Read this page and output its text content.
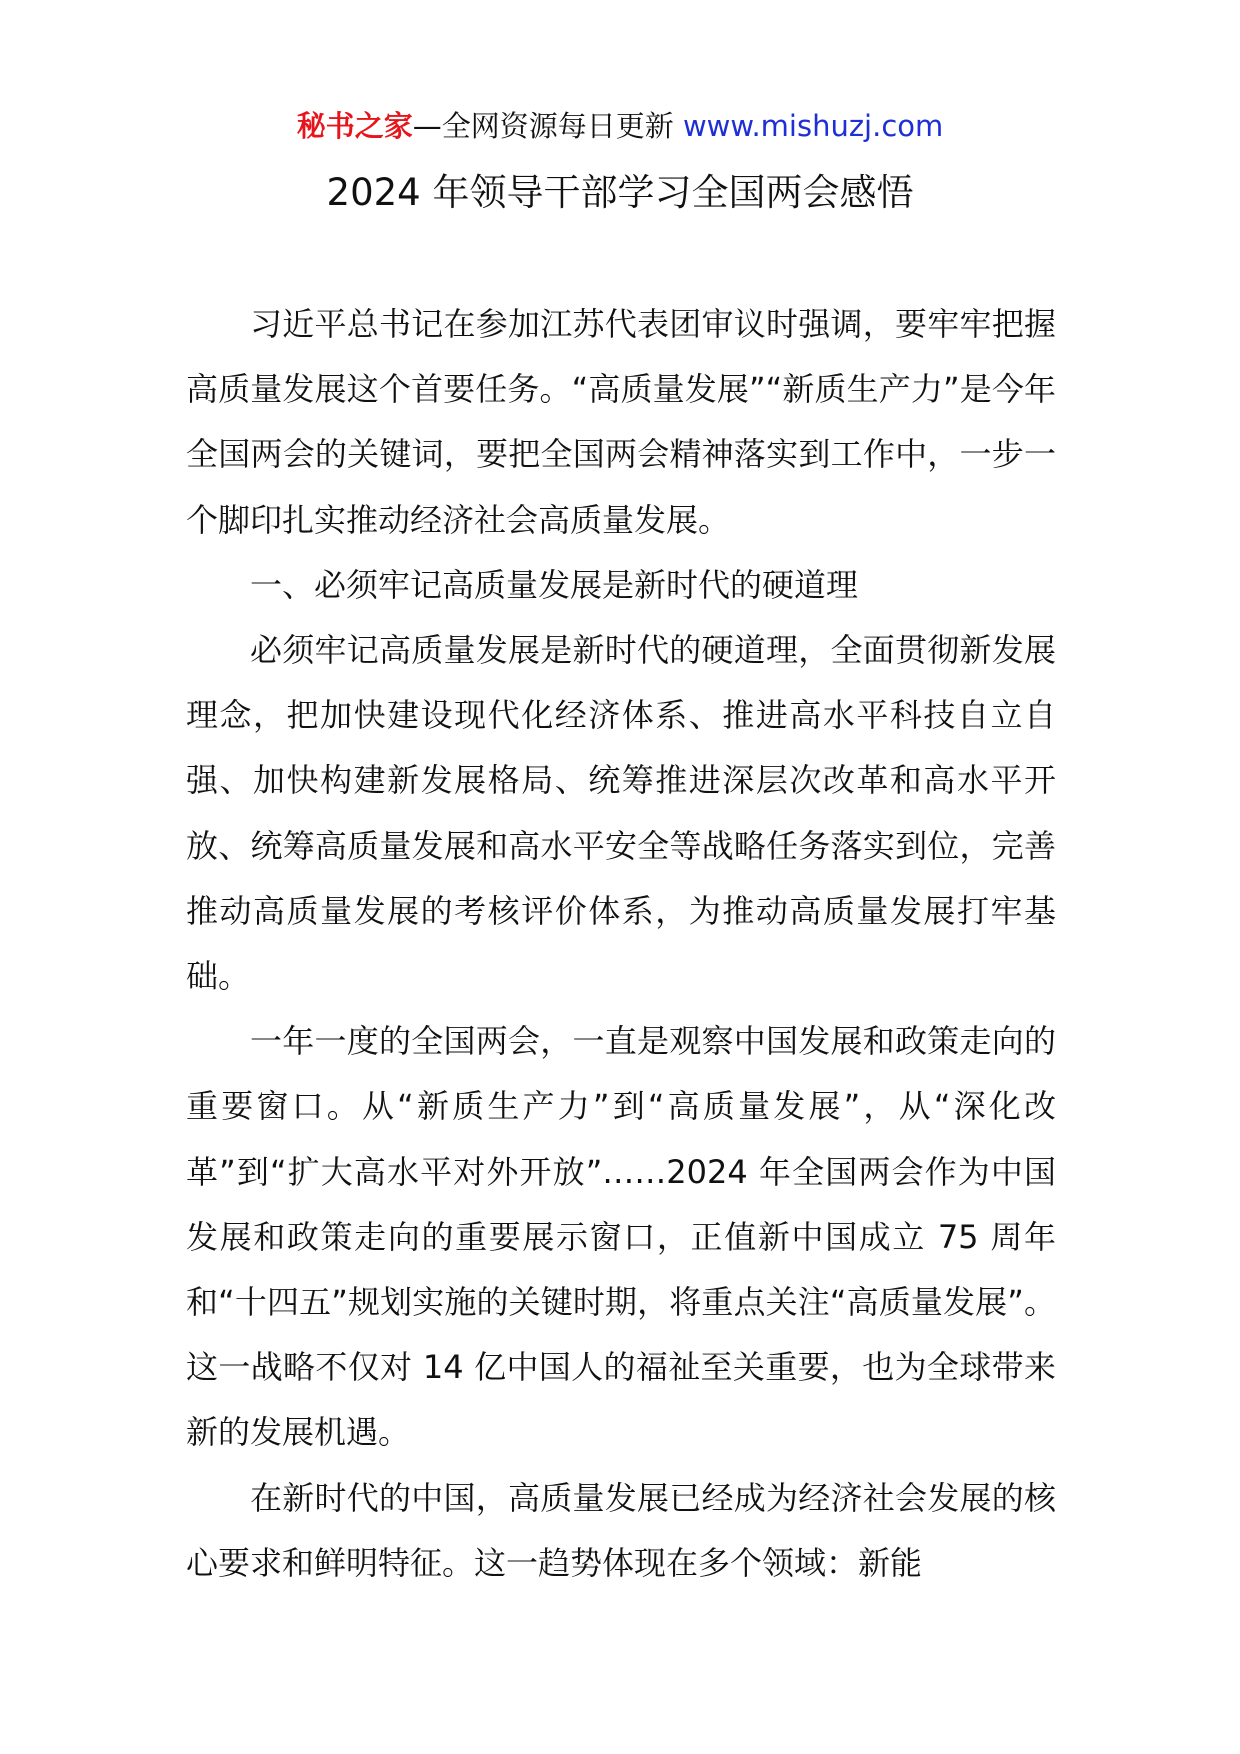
秘书之家—全网资源每日更新 www.mishuzj.com
2024 年领导干部学习全国两会感悟

习近平总书记在参加江苏代表团审议时强调，要牢牢把握高质量发展这个首要任务。“高质量发展”“新质生产力”是今年全国两会的关键词，要把全国两会精神落实到工作中，一步一个脚印扎实推动经济社会高质量发展。

一、必须牢记高质量发展是新时代的硬道理

必须牢记高质量发展是新时代的硬道理，全面贯彻新发展理念，把加快建设现代化经济体系、推进高水平科技自立自强、加快构建新发展格局、统筹推进深层次改革和高水平开放、统筹高质量发展和高水平安全等战略任务落实到位，完善推动高质量发展的考核评价体系，为推动高质量发展打牢基础。

一年一度的全国两会，一直是观察中国发展和政策走向的重要窗口。从“新质生产力”到“高质量发展”，从“深化改革”到“扩大高水平对外开放”……2024 年全国两会作为中国发展和政策走向的重要展示窗口，正值新中国成立 75 周年和“十四五”规划实施的关键时期，将重点关注“高质量发展”。这一战略不仅对 14 亿中国人的福祉至关重要，也为全球带来新的发展机遇。

在新时代的中国，高质量发展已经成为经济社会发展的核心要求和鲜明特征。这一趋势体现在多个领域：新能
